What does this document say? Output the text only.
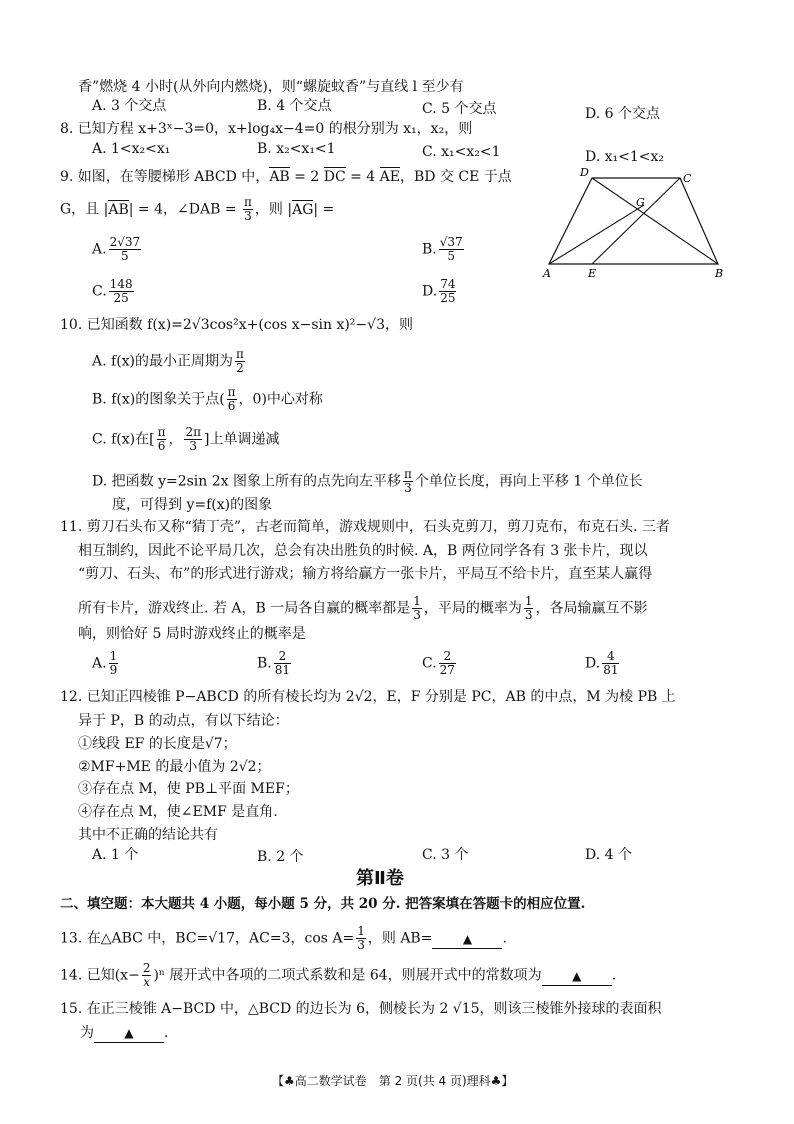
香”燃烧 4 小时(从外向内燃烧)，则“螺旋蚊香”与直线 l 至少有
A. 3 个交点	B. 4 个交点	C. 5 个交点	D. 6 个交点
8. 已知方程 x+3ˣ−3=0，x+log₄x−4=0 的根分别为 x₁，x₂，则
A. 1<x₂<x₁	B. x₂<x₁<1	C. x₁<x₂<1	D. x₁<1<x₂
9. 如图，在等腰梯形 ABCD 中，AB = 2 DC = 4 AE，BD 交 CE 于点
G，且 |AB| = 4，∠DAB = $\frac{\pi}{3}$ ，则 |AG| =
A. $\frac{2√37}{5}$	B. $\frac{√37}{5}$
C. $\frac{148}{25}$	D. $\frac{74}{25}$
D	C
G
A	E	B
10. 已知函数 f(x)=2√3cos²x+(cos x−sin x)²−√3，则
A. f(x)的最小正周期为 $\frac{\pi}{2}$
B. f(x)的图象关于点( $\frac{\pi}{6}$ ，0)中心对称
C. f(x)在[ $\frac{\pi}{6}$ ， $\frac{2\pi}{3}$ ]上单调递减
D. 把函数 y=2sin 2x 图象上所有的点先向左平移 $\frac{\pi}{3}$ 个单位长度，再向上平移 1 个单位长
度，可得到 y=f(x)的图象
11. 剪刀石头布又称“猜丁壳”，古老而简单，游戏规则中，石头克剪刀，剪刀克布，布克石头. 三者
相互制约，因此不论平局几次，总会有决出胜负的时候. A，B 两位同学各有 3 张卡片，现以
“剪刀、石头、布”的形式进行游戏；输方将给赢方一张卡片，平局互不给卡片，直至某人赢得
所有卡片，游戏终止. 若 A，B 一局各自赢的概率都是 $\frac{1}{3}$ ，平局的概率为 $\frac{1}{3}$ ，各局输赢互不影
响，则恰好 5 局时游戏终止的概率是
A. $\frac{1}{9}$	B. $\frac{2}{81}$	C. $\frac{2}{27}$	D. $\frac{4}{81}$
12. 已知正四棱锥 P−ABCD 的所有棱长均为 2√2，E，F 分别是 PC，AB 的中点，M 为棱 PB 上
异于 P，B 的动点，有以下结论：
①线段 EF 的长度是√7；
②MF+ME 的最小值为 2√2；
③存在点 M，使 PB⊥平面 MEF；
④存在点 M，使∠EMF 是直角.
其中不正确的结论共有
A. 1 个	B. 2 个	C. 3 个	D. 4 个
第Ⅱ卷
二、填空题：本大题共 4 小题，每小题 5 分，共 20 分. 把答案填在答题卡的相应位置.
13. 在△ABC 中，BC=√17，AC=3，$\cos A= \frac{1}{3}$ ，则 AB=	▲ .
14. 已知$(x- \frac{2}{x} )^n$ 展开式中各项的二项式系数和是 64，则展开式中的常数项为	▲ .
15. 在正三棱锥 A−BCD 中，△BCD 的边长为 6，侧棱长为 2 √15，则该三棱锥外接球的表面积
为	▲ .
【♣高二数学试卷　第 2 页(共 4 页)理科♣】
